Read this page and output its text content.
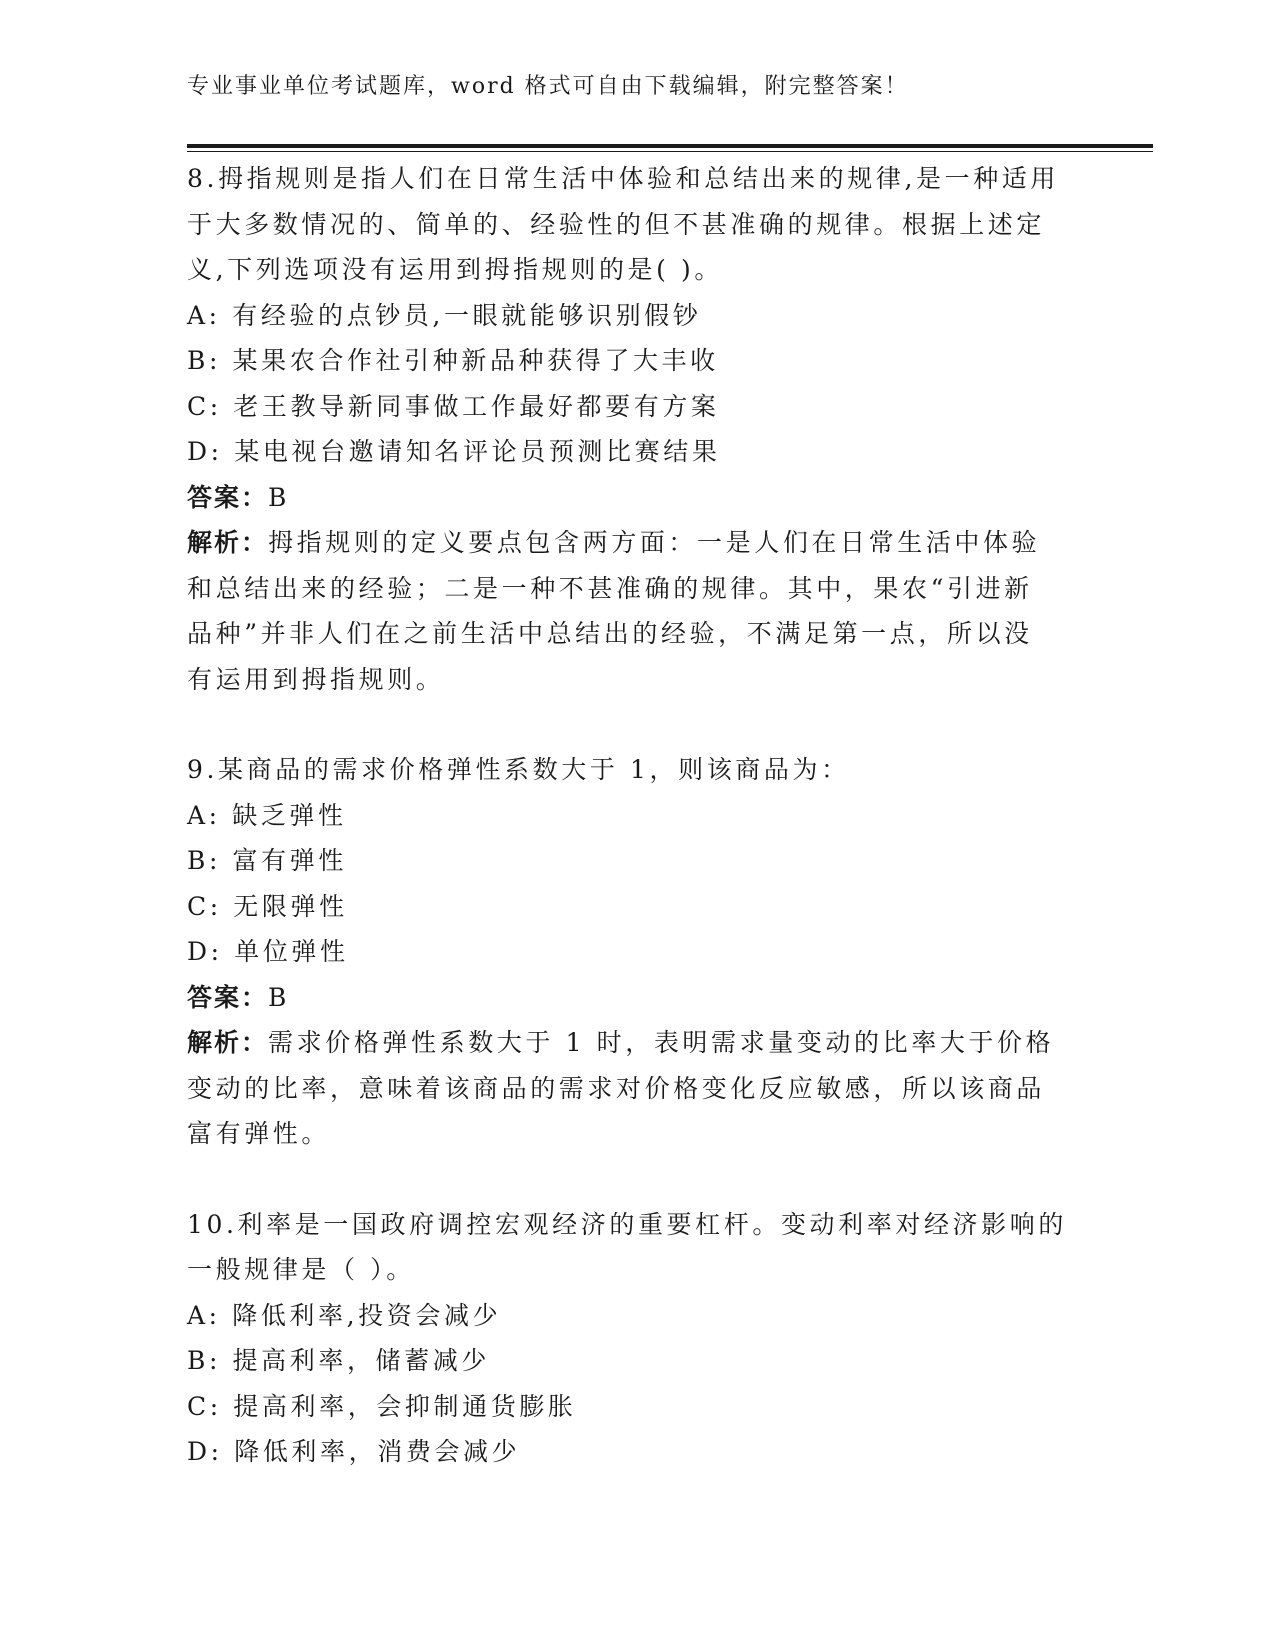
专业事业单位考试题库，word 格式可自由下载编辑，附完整答案！
8.拇指规则是指人们在日常生活中体验和总结出来的规律,是一种适用
于大多数情况的、简单的、经验性的但不甚准确的规律。根据上述定
义,下列选项没有运用到拇指规则的是( )。
A: 有经验的点钞员,一眼就能够识别假钞
B: 某果农合作社引种新品种获得了大丰收
C: 老王教导新同事做工作最好都要有方案
D: 某电视台邀请知名评论员预测比赛结果
答案：B
解析：拇指规则的定义要点包含两方面：一是人们在日常生活中体验
和总结出来的经验；二是一种不甚准确的规律。其中，果农“引进新
品种”并非人们在之前生活中总结出的经验，不满足第一点，所以没
有运用到拇指规则。
9.某商品的需求价格弹性系数大于 1，则该商品为：
A: 缺乏弹性
B: 富有弹性
C: 无限弹性
D: 单位弹性
答案：B
解析：需求价格弹性系数大于 1 时，表明需求量变动的比率大于价格
变动的比率，意味着该商品的需求对价格变化反应敏感，所以该商品
富有弹性。
10.利率是一国政府调控宏观经济的重要杠杆。变动利率对经济影响的
一般规律是（ ）。
A: 降低利率,投资会减少
B: 提高利率，储蓄减少
C: 提高利率，会抑制通货膨胀
D: 降低利率，消费会减少
